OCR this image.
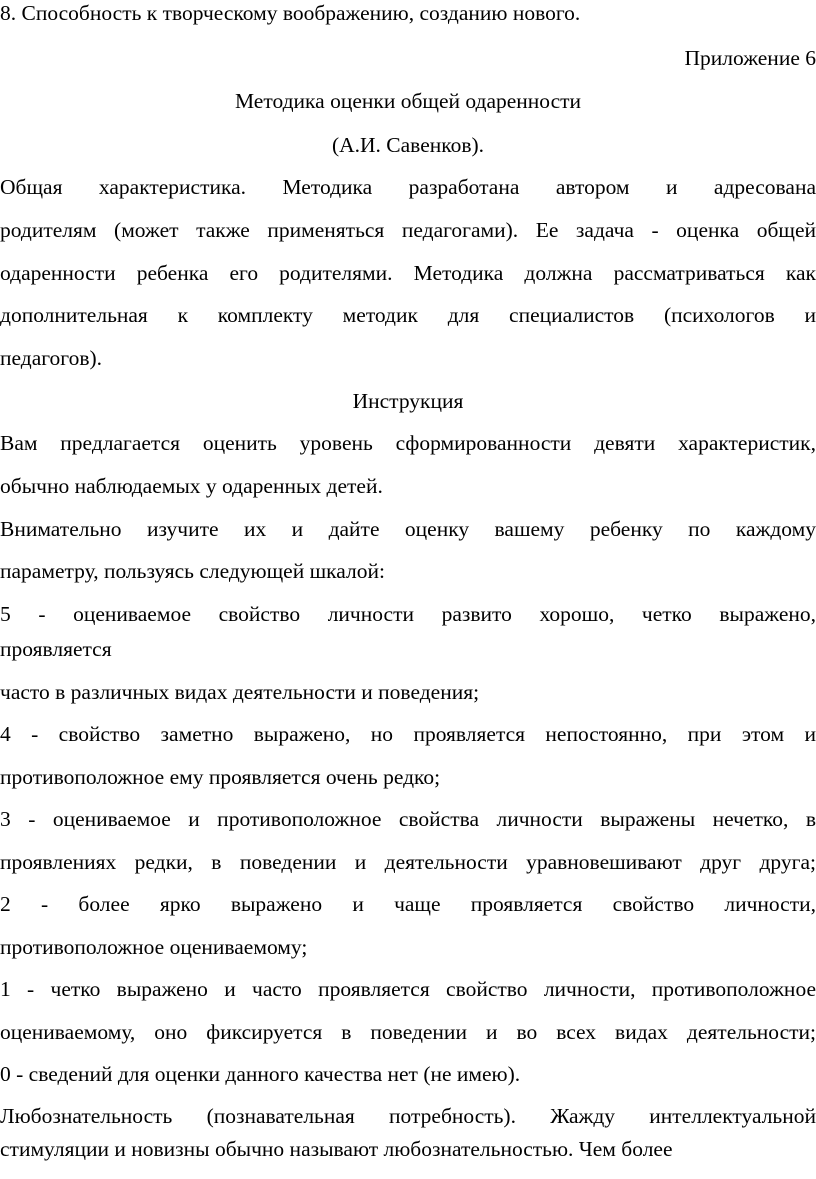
8. Способность к творческому воображению, созданию нового.
Приложение 6
Методика оценки общей одаренности
(А.И. Савенков).
Общая характеристика. Методика разработана автором и адресована
родителям (может также применяться педагогами). Ее задача - оценка общей
одаренности ребенка его родителями. Методика должна рассматриваться как
дополнительная к комплекту методик для специалистов (психологов и
педагогов).
Инструкция
Вам предлагается оценить уровень сформированности девяти характеристик,
обычно наблюдаемых у одаренных детей.
Внимательно изучите их и дайте оценку вашему ребенку по каждому
параметру, пользуясь следующей шкалой:
5 - оцениваемое свойство личности развито хорошо, четко выражено,
проявляется
часто в различных видах деятельности и поведения;
4 - свойство заметно выражено, но проявляется непостоянно, при этом и
противоположное ему проявляется очень редко;
3 - оцениваемое и противоположное свойства личности выражены нечетко, в
проявлениях редки, в поведении и деятельности уравновешивают друг друга;
2 - более ярко выражено и чаще проявляется свойство личности,
противоположное оцениваемому;
1 - четко выражено и часто проявляется свойство личности, противоположное
оцениваемому, оно фиксируется в поведении и во всех видах деятельности;
0 - сведений для оценки данного качества нет (не имею).
Любознательность (познавательная потребность). Жажду интеллектуальной
стимуляции и новизны обычно называют любознательностью. Чем более
